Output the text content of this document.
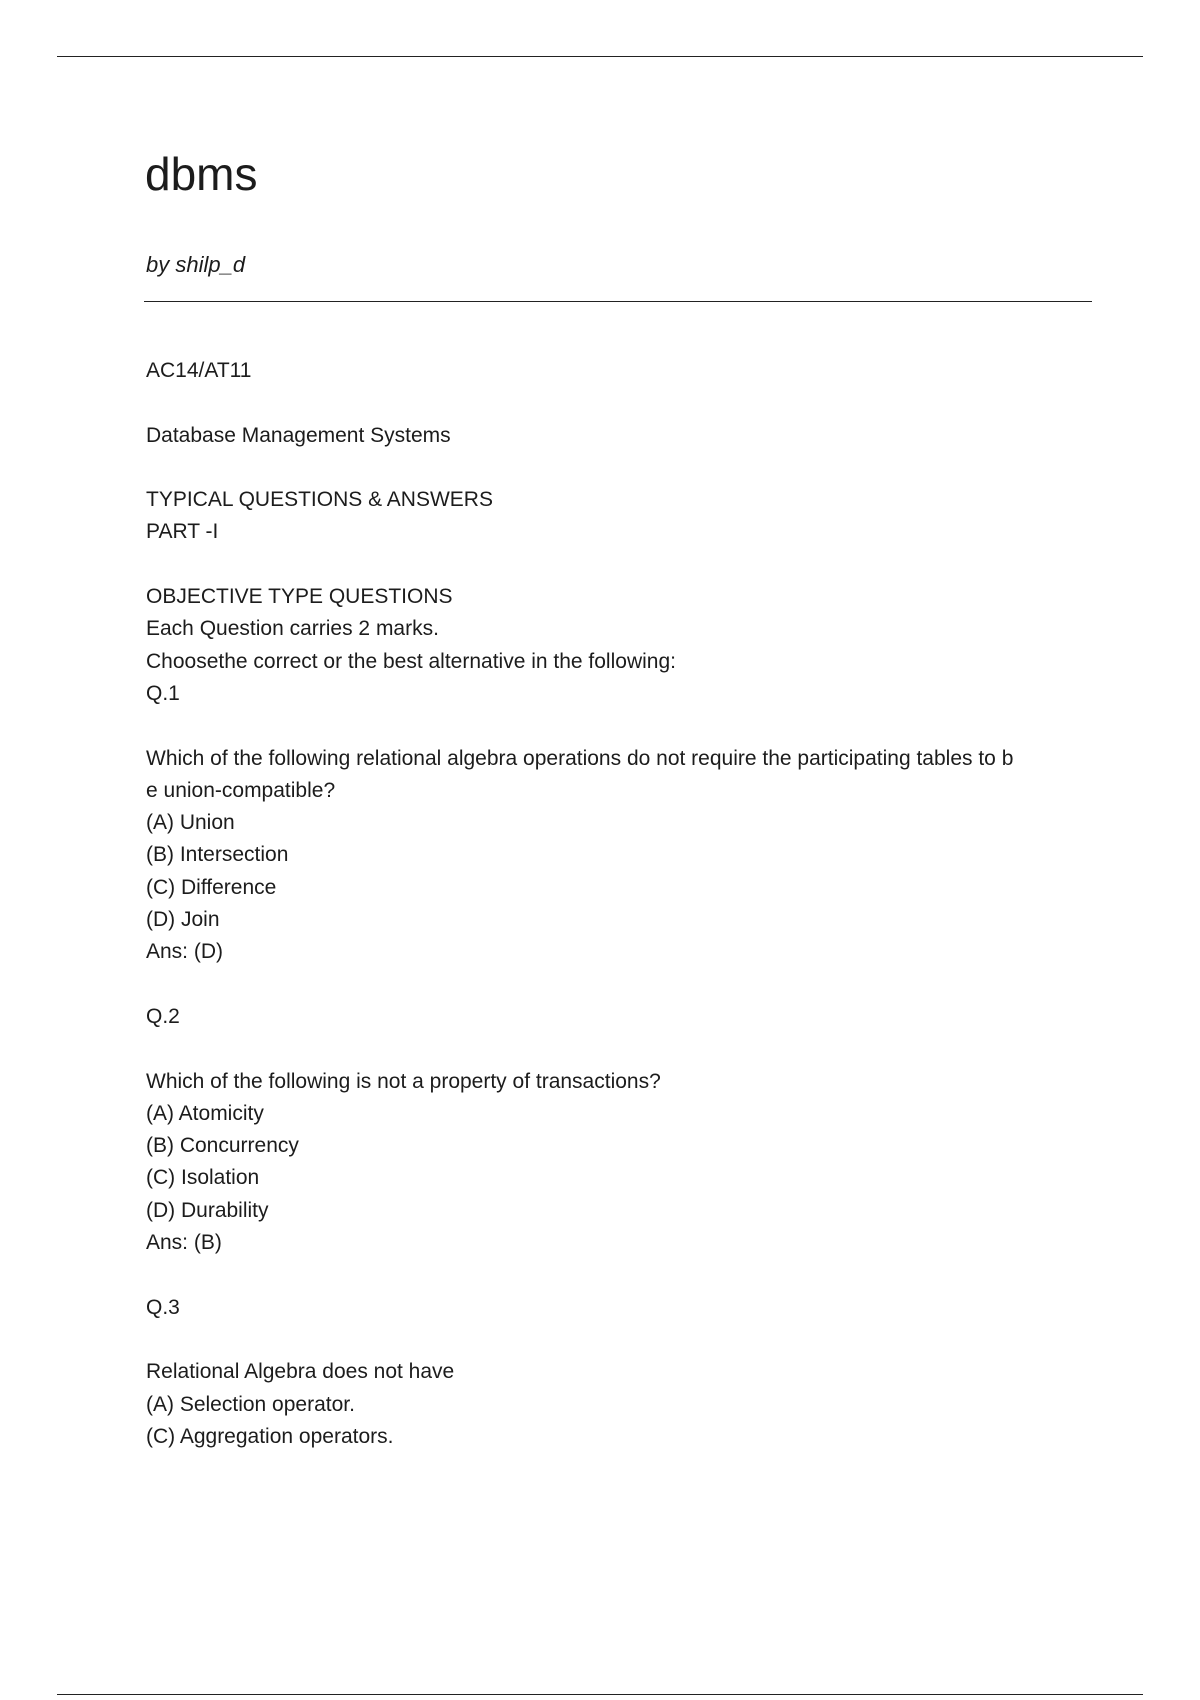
dbms
by shilp_d
AC14/AT11
Database Management Systems
TYPICAL QUESTIONS & ANSWERS
PART -I
OBJECTIVE TYPE QUESTIONS
Each Question carries 2 marks.
Choosethe correct or the best alternative in the following:
Q.1
Which of the following relational algebra operations do not require the participating tables to b
e union-compatible?
(A) Union
(B) Intersection
(C) Difference
(D) Join
Ans: (D)
Q.2
Which of the following is not a property of transactions?
(A) Atomicity
(B) Concurrency
(C) Isolation
(D) Durability
Ans: (B)
Q.3
Relational Algebra does not have
(A) Selection operator.
(C) Aggregation operators.
